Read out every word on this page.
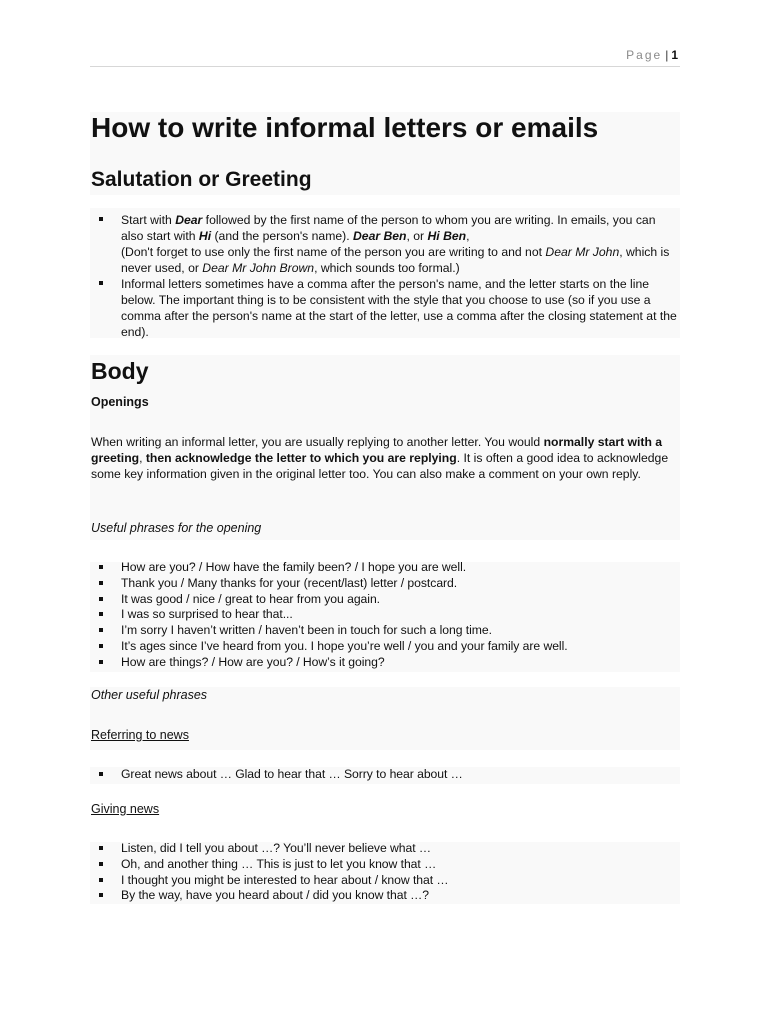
Page | 1
How to write informal letters or emails
Salutation or Greeting
Start with Dear followed by the first name of the person to whom you are writing. In emails, you can also start with Hi (and the person's name). Dear Ben, or Hi Ben,
(Don't forget to use only the first name of the person you are writing to and not Dear Mr John, which is never used, or Dear Mr John Brown, which sounds too formal.)
Informal letters sometimes have a comma after the person's name, and the letter starts on the line below. The important thing is to be consistent with the style that you choose to use (so if you use a comma after the person's name at the start of the letter, use a comma after the closing statement at the end).
Body

Openings

When writing an informal letter, you are usually replying to another letter. You would normally start with a greeting, then acknowledge the letter to which you are replying. It is often a good idea to acknowledge some key information given in the original letter too. You can also make a comment on your own reply.

Useful phrases for the opening

How are you? / How have the family been? / I hope you are well.
Thank you / Many thanks for your (recent/last) letter / postcard.
It was good / nice / great to hear from you again.
I was so surprised to hear that...
I’m sorry I haven’t written / haven’t been in touch for such a long time.
It’s ages since I’ve heard from you. I hope you’re well / you and your family are well.
How are things? / How are you? / How’s it going?

Other useful phrases

Referring to news

Great news about … Glad to hear that … Sorry to hear about …

Giving news

Listen, did I tell you about …? You’ll never believe what …
Oh, and another thing … This is just to let you know that …
I thought you might be interested to hear about / know that …
By the way, have you heard about / did you know that …?
